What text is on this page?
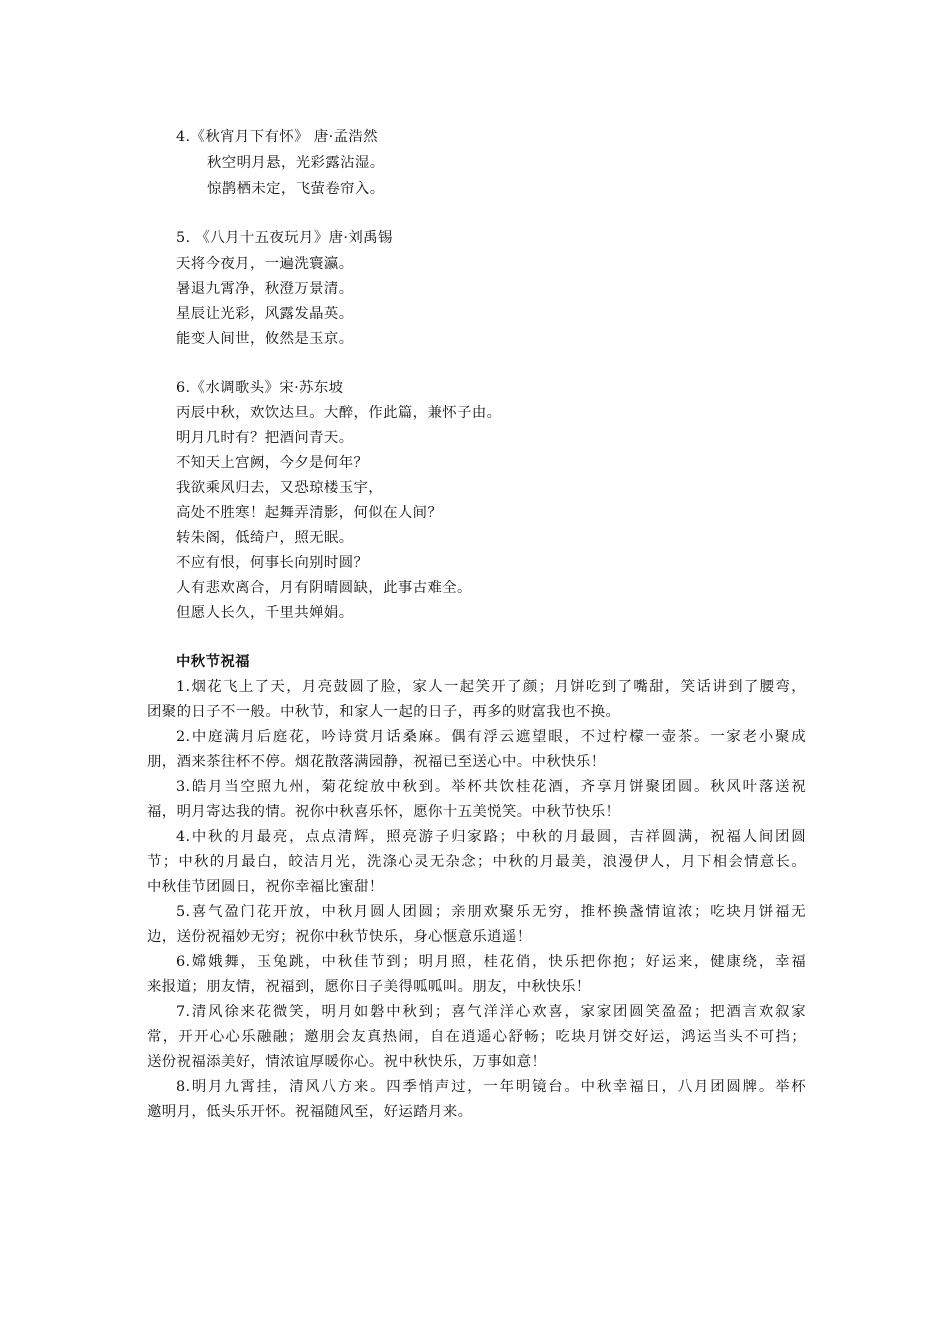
4.《秋宵月下有怀》 唐·孟浩然
秋空明月悬，光彩露沾湿。
惊鹊栖未定，飞萤卷帘入。
5. 《八月十五夜玩月》唐·刘禹锡
天将今夜月，一遍洗寰瀛。
暑退九霄净，秋澄万景清。
星辰让光彩，风露发晶英。
能变人间世，攸然是玉京。
6.《水调歌头》宋·苏东坡
丙辰中秋，欢饮达旦。大醉，作此篇，兼怀子由。
明月几时有？把酒问青天。
不知天上宫阙，今夕是何年？
我欲乘风归去，又恐琼楼玉宇，
高处不胜寒！起舞弄清影，何似在人间？
转朱阁，低绮户，照无眠。
不应有恨，何事长向别时圆？
人有悲欢离合，月有阴晴圆缺，此事古难全。
但愿人长久，千里共婵娟。
中秋节祝福
1.烟花飞上了天，月亮鼓圆了脸，家人一起笑开了颜；月饼吃到了嘴甜，笑话讲到了腰弯，
团聚的日子不一般。中秋节，和家人一起的日子，再多的财富我也不换。
2.中庭满月后庭花，吟诗赏月话桑麻。偶有浮云遮望眼，不过柠檬一壶茶。一家老小聚成
朋，酒来茶往杯不停。烟花散落满园静，祝福已至送心中。中秋快乐！
3.皓月当空照九州，菊花绽放中秋到。举杯共饮桂花酒，齐享月饼聚团圆。秋风叶落送祝
福，明月寄达我的情。祝你中秋喜乐怀，愿你十五美悦笑。中秋节快乐！
4.中秋的月最亮，点点清辉，照亮游子归家路；中秋的月最圆，吉祥圆满，祝福人间团圆
节；中秋的月最白，皎洁月光，洗涤心灵无杂念；中秋的月最美，浪漫伊人，月下相会情意长。
中秋佳节团圆日，祝你幸福比蜜甜！
5.喜气盈门花开放，中秋月圆人团圆；亲朋欢聚乐无穷，推杯换盏情谊浓；吃块月饼福无
边，送份祝福妙无穷；祝你中秋节快乐，身心惬意乐逍遥！
6.嫦娥舞，玉兔跳，中秋佳节到；明月照，桂花俏，快乐把你抱；好运来，健康绕，幸福
来报道；朋友情，祝福到，愿你日子美得呱呱叫。朋友，中秋快乐！
7.清风徐来花微笑，明月如磐中秋到；喜气洋洋心欢喜，家家团圆笑盈盈；把酒言欢叙家
常，开开心心乐融融；邀朋会友真热闹，自在逍遥心舒畅；吃块月饼交好运，鸿运当头不可挡；
送份祝福添美好，情浓谊厚暖你心。祝中秋快乐，万事如意！
8.明月九霄挂，清风八方来。四季悄声过，一年明镜台。中秋幸福日，八月团圆牌。举杯
邀明月，低头乐开怀。祝福随风至，好运踏月来。
